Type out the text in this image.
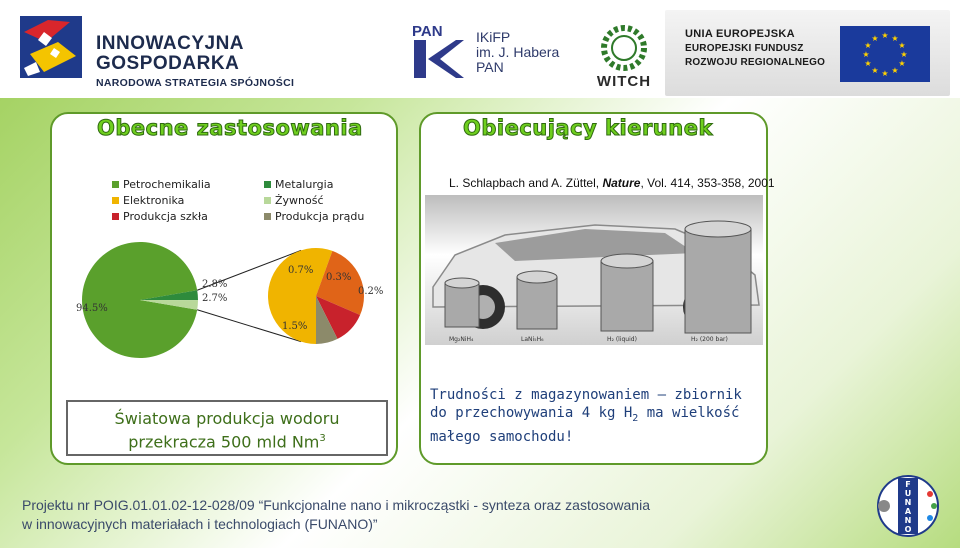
INNOWACYJNA
GOSPODARKA
NARODOWA STRATEGIA SPÓJNOŚCI
PAN IKiFP
im. J. Habera
PAN
WITCH
UNIA EUROPEJSKA
EUROPEJSKI FUNDUSZ
ROZWOJU REGIONALNEGO
★ ★
★
★
★
★
★
★
★
★
★
★
Obecne zastosowania
Petrochemikalia	Metalurgia
Elektronika	Żywność
Produkcja szkła	Produkcja prądu
94.5%
2.8%
2.7%
1.5%
0.7%
0.3%
0.2%
Światowa produkcja wodoru
przekracza 500 mld Nm$^3$
Obiecujący kierunek
L. Schlapbach and A. Züttel, Nature, Vol. 414, 353-358, 2001
Mg₂NiH₄	LaNi₅H₆	H₂ (liquid)	H₂ (200 bar)
Trudności z magazynowaniem – zbiornik
do przechowywania 4 kg $H_2$ ma wielkość
małego samochodu!
Projektu nr POIG.01.01.02-12-028/09 “Funkcjonalne nano i mikrocząstki - synteza oraz zastosowania
w innowacyjnych materiałach i technologiach (FUNANO)”
F
U
N
A
N
O
